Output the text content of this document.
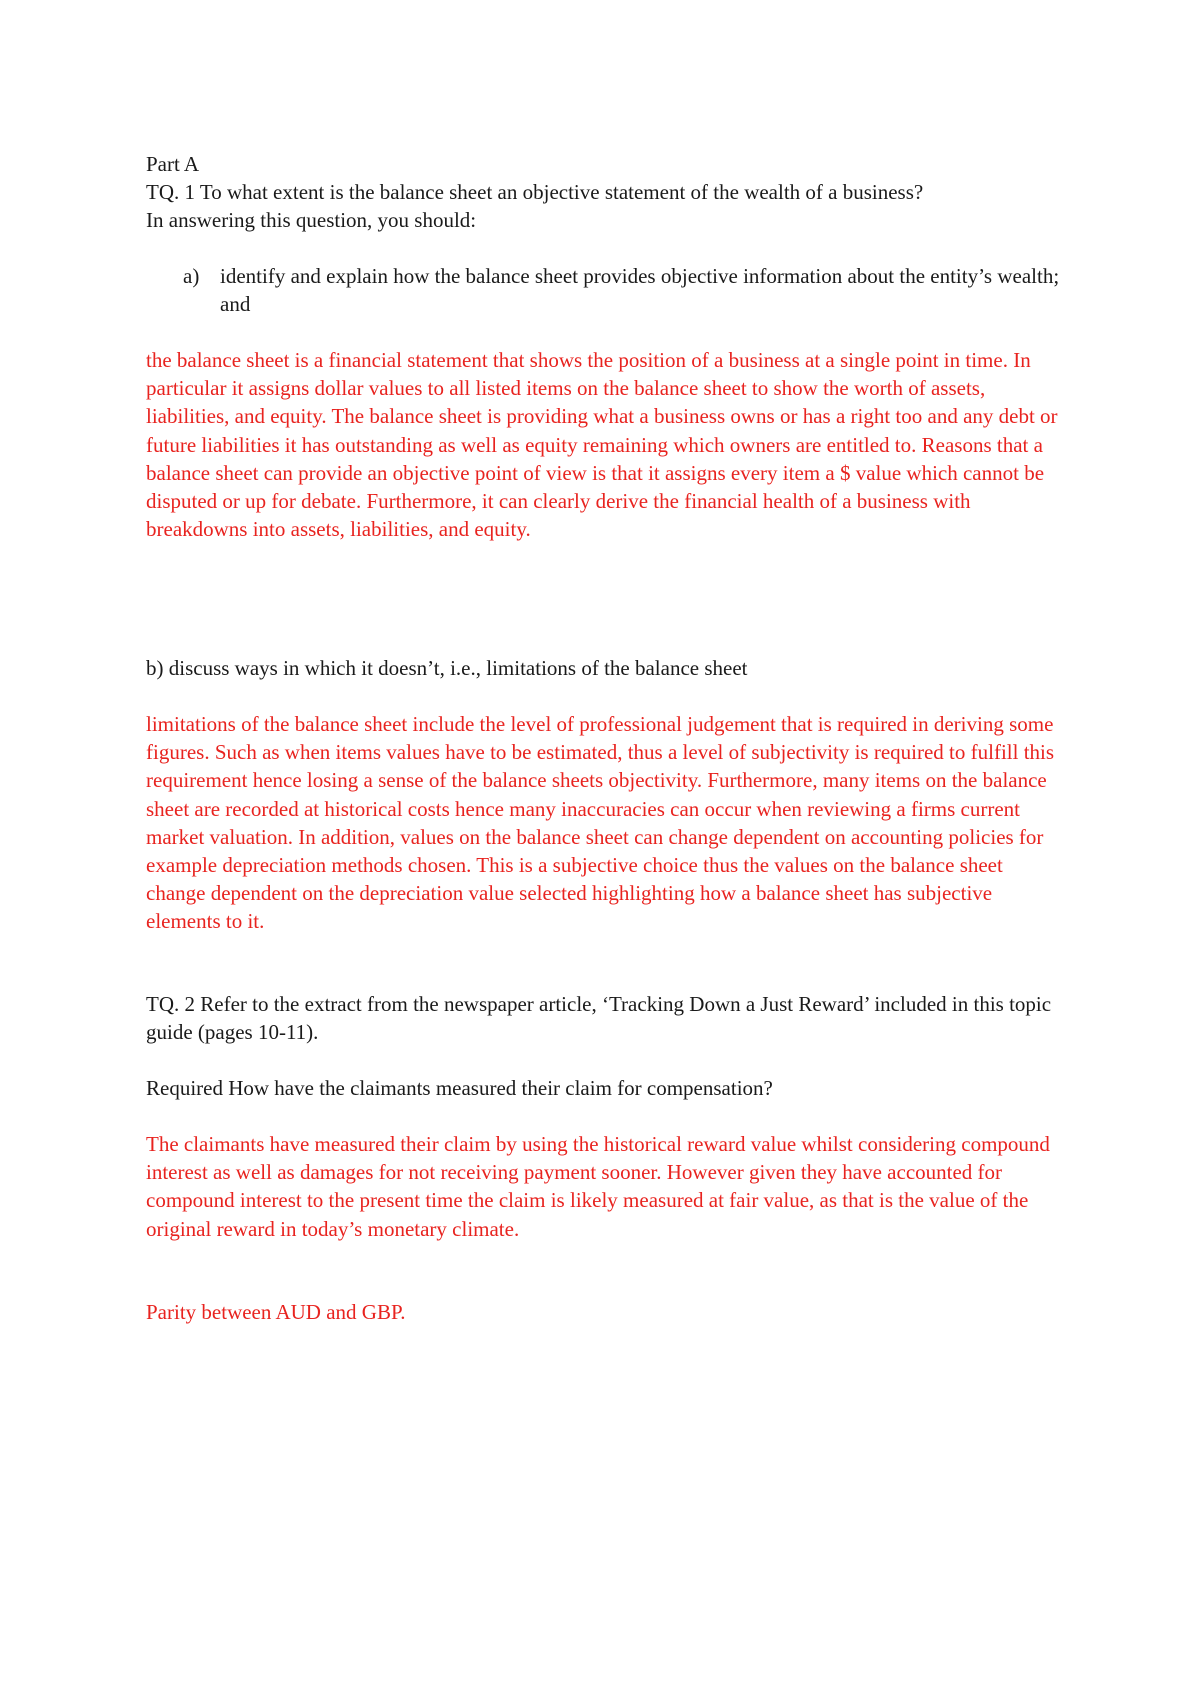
Part A

TQ. 1 To what extent is the balance sheet an objective statement of the wealth of a business?

In answering this question, you should:

a) identify and explain how the balance sheet provides objective information about the entity’s wealth; and

the balance sheet is a financial statement that shows the position of a business at a single point in time. In particular it assigns dollar values to all listed items on the balance sheet to show the worth of assets, liabilities, and equity. The balance sheet is providing what a business owns or has a right too and any debt or future liabilities it has outstanding as well as equity remaining which owners are entitled to. Reasons that a balance sheet can provide an objective point of view is that it assigns every item a $ value which cannot be disputed or up for debate. Furthermore, it can clearly derive the financial health of a business with breakdowns into assets, liabilities, and equity.

b) discuss ways in which it doesn’t, i.e., limitations of the balance sheet

limitations of the balance sheet include the level of professional judgement that is required in deriving some figures. Such as when items values have to be estimated, thus a level of subjectivity is required to fulfill this requirement hence losing a sense of the balance sheets objectivity. Furthermore, many items on the balance sheet are recorded at historical costs hence many inaccuracies can occur when reviewing a firms current market valuation. In addition, values on the balance sheet can change dependent on accounting policies for example depreciation methods chosen. This is a subjective choice thus the values on the balance sheet change dependent on the depreciation value selected highlighting how a balance sheet has subjective elements to it.

TQ. 2 Refer to the extract from the newspaper article, ‘Tracking Down a Just Reward’ included in this topic guide (pages 10-11).

Required How have the claimants measured their claim for compensation?

The claimants have measured their claim by using the historical reward value whilst considering compound interest as well as damages for not receiving payment sooner. However given they have accounted for compound interest to the present time the claim is likely measured at fair value, as that is the value of the original reward in today’s monetary climate.

Parity between AUD and GBP.
